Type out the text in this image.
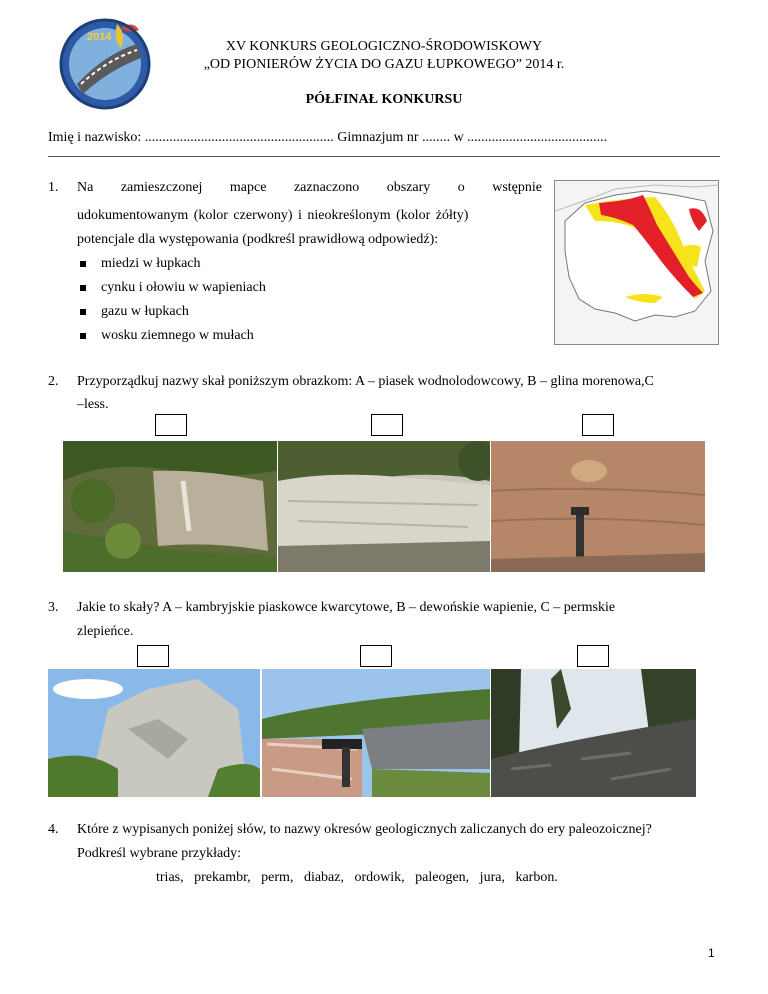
2014
XV KONKURS GEOLOGICZNO-ŚRODOWISKOWY
„OD PIONIERÓW ŻYCIA DO GAZU ŁUPKOWEGO” 2014 r.
PÓŁFINAŁ KONKURSU
Imię i nazwisko: ...................................................... Gimnazjum nr ........ w ........................................
1. Na zamieszczonej mapce zaznaczono obszary o wstępnie
udokumentowanym (kolor czerwony) i nieokreślonym (kolor żółty)
potencjale dla występowania (podkreśl prawidłową odpowiedź):
miedzi w łupkach
cynku i ołowiu w wapieniach
gazu w łupkach
wosku ziemnego w mułach
2. Przyporządkuj nazwy skał poniższym obrazkom: A – piasek wodnolodowcowy, B – glina morenowa,C
–less.
3. Jakie to skały? A – kambryjskie piaskowce kwarcytowe, B – dewońskie wapienie, C – permskie
zlepieńce.
4. Które z wypisanych poniżej słów, to nazwy okresów geologicznych zaliczanych do ery paleozoicznej?
Podkreśl wybrane przykłady:
trias,   prekambr,   perm,   diabaz,   ordowik,   paleogen,   jura,   karbon.
1
